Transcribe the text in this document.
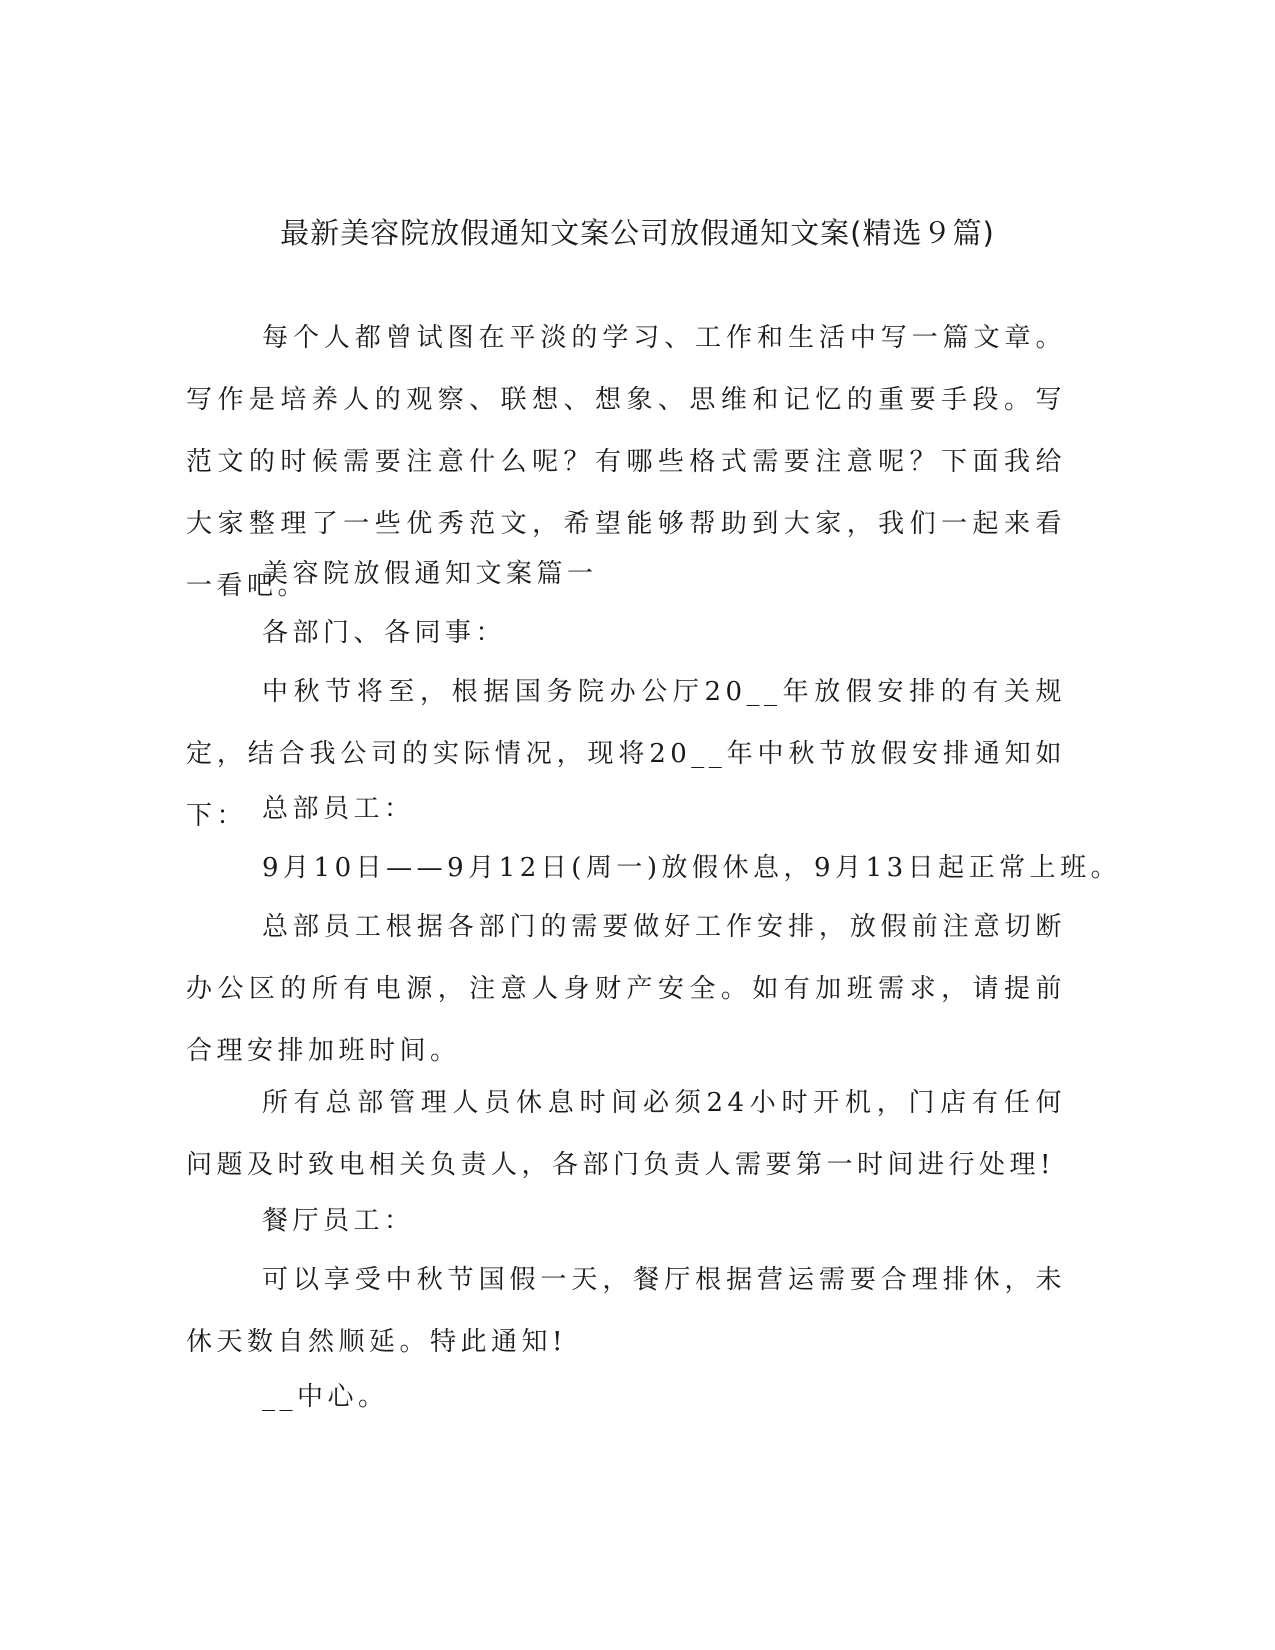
最新美容院放假通知文案公司放假通知文案(精选９篇)

每个人都曾试图在平淡的学习、工作和生活中写一篇文章。写作是培养人的观察、联想、想象、思维和记忆的重要手段。写范文的时候需要注意什么呢？有哪些格式需要注意呢？下面我给大家整理了一些优秀范文，希望能够帮助到大家，我们一起来看一看吧。

美容院放假通知文案篇一

各部门、各同事：

中秋节将至，根据国务院办公厅20__年放假安排的有关规定，结合我公司的实际情况，现将20__年中秋节放假安排通知如下： 总部员工：

9月10日——9月12日(周一)放假休息，9月13日起正常上班。

总部员工根据各部门的需要做好工作安排，放假前注意切断办公区的所有电源，注意人身财产安全。如有加班需求，请提前合理安排加班时间。

所有总部管理人员休息时间必须24小时开机，门店有任何问题及时致电相关负责人，各部门负责人需要第一时间进行处理!

餐厅员工：

可以享受中秋节国假一天，餐厅根据营运需要合理排休，未休天数自然顺延。特此通知!

__中心。
